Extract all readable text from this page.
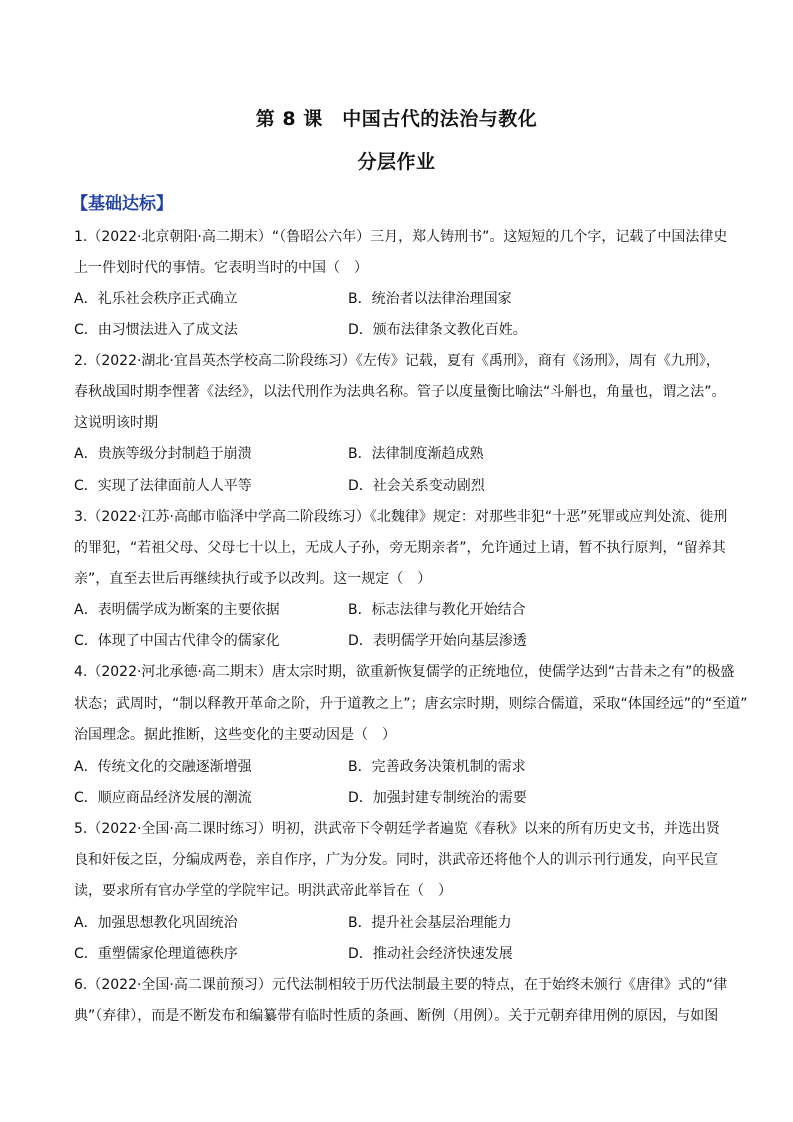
第 8 课　中国古代的法治与教化
分层作业
【基础达标】
1.（2022·北京朝阳·高二期末）“（鲁昭公六年）三月，郑人铸刑书”。这短短的几个字，记载了中国法律史
上一件划时代的事情。它表明当时的中国（　）
A．礼乐社会秩序正式确立	B．统治者以法律治理国家
C．由习惯法进入了成文法	D．颁布法律条文教化百姓。
2.（2022·湖北·宜昌英杰学校高二阶段练习）《左传》记载，夏有《禹刑》，商有《汤刑》，周有《九刑》，
春秋战国时期李悝著《法经》，以法代刑作为法典名称。管子以度量衡比喻法“斗斛也，角量也，谓之法”。
这说明该时期
A．贵族等级分封制趋于崩溃	B．法律制度渐趋成熟
C．实现了法律面前人人平等	D．社会关系变动剧烈
3.（2022·江苏·高邮市临泽中学高二阶段练习）《北魏律》规定：对那些非犯“十恶”死罪或应判处流、徙刑
的罪犯，“若祖父母、父母七十以上，无成人子孙，旁无期亲者”，允许通过上请，暂不执行原判，“留养其
亲”，直至去世后再继续执行或予以改判。这一规定（　）
A．表明儒学成为断案的主要依据	B．标志法律与教化开始结合
C．体现了中国古代律令的儒家化	D．表明儒学开始向基层渗透
4.（2022·河北承德·高二期末）唐太宗时期，欲重新恢复儒学的正统地位，使儒学达到“古昔未之有”的极盛
状态；武周时，“制以释教开革命之阶，升于道教之上”；唐玄宗时期，则综合儒道，采取“体国经远”的“至道”
治国理念。据此推断，这些变化的主要动因是（　）
A．传统文化的交融逐渐增强	B．完善政务决策机制的需求
C．顺应商品经济发展的潮流	D．加强封建专制统治的需要
5.（2022·全国·高二课时练习）明初，洪武帝下令朝廷学者遍览《春秋》以来的所有历史文书，并选出贤
良和奸佞之臣，分编成两卷，亲自作序，广为分发。同时，洪武帝还将他个人的训示刊行通发，向平民宣
读，要求所有官办学堂的学院牢记。明洪武帝此举旨在（　）
A．加强思想教化巩固统治	B．提升社会基层治理能力
C．重塑儒家伦理道德秩序	D．推动社会经济快速发展
6.（2022·全国·高二课前预习）元代法制相较于历代法制最主要的特点，在于始终未颁行《唐律》式的“律
典”（弃律），而是不断发布和编纂带有临时性质的条画、断例（用例）。关于元朝弃律用例的原因，与如图
